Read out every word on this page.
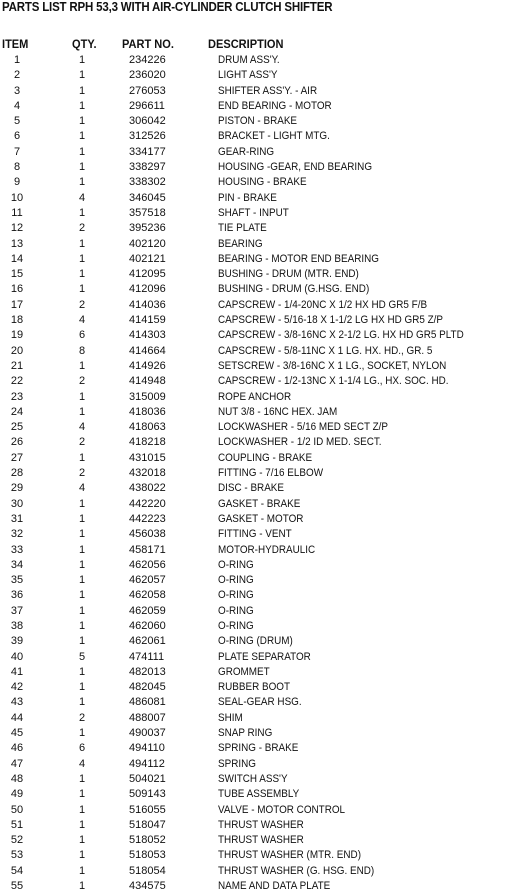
PARTS LIST RPH 53,3 WITH AIR-CYLINDER CLUTCH SHIFTER
ITEM	QTY. PART NO.	DESCRIPTION
1	1	234226	DRUM ASS'Y.
2	1	236020	LIGHT ASS'Y
3	1	276053	SHIFTER ASS'Y. - AIR
4	1	296611	END BEARING - MOTOR
5	1	306042	PISTON - BRAKE
6	1	312526	BRACKET - LIGHT MTG.
7	1	334177	GEAR-RING
8	1	338297	HOUSING -GEAR, END BEARING
9	1	338302	HOUSING - BRAKE
10	4	346045	PIN - BRAKE
11	1	357518	SHAFT - INPUT
12	2	395236	TIE PLATE
13	1	402120	BEARING
14	1	402121	BEARING - MOTOR END BEARING
15	1	412095	BUSHING - DRUM (MTR. END)
16	1	412096	BUSHING - DRUM (G.HSG. END)
17	2	414036	CAPSCREW - 1/4-20NC X 1/2 HX HD GR5 F/B
18	4	414159	CAPSCREW - 5/16-18 X 1-1/2 LG HX HD GR5 Z/P
19	6	414303	CAPSCREW - 3/8-16NC X 2-1/2 LG. HX HD GR5 PLTD
20	8	414664	CAPSCREW - 5/8-11NC X 1 LG. HX. HD., GR. 5
21	1	414926	SETSCREW - 3/8-16NC X 1 LG., SOCKET, NYLON
22	2	414948	CAPSCREW - 1/2-13NC X 1-1/4 LG., HX. SOC. HD.
23	1	315009	ROPE ANCHOR
24	1	418036	NUT 3/8 - 16NC HEX. JAM
25	4	418063	LOCKWASHER - 5/16 MED SECT Z/P
26	2	418218	LOCKWASHER - 1/2 ID MED. SECT.
27	1	431015	COUPLING - BRAKE
28	2	432018	FITTING - 7/16 ELBOW
29	4	438022	DISC - BRAKE
30	1	442220	GASKET - BRAKE
31	1	442223	GASKET - MOTOR
32	1	456038	FITTING - VENT
33	1	458171	MOTOR-HYDRAULIC
34	1	462056	O-RING
35	1	462057	O-RING
36	1	462058	O-RING
37	1	462059	O-RING
38	1	462060	O-RING
39	1	462061	O-RING (DRUM)
40	5	474111	PLATE SEPARATOR
41	1	482013	GROMMET
42	1	482045	RUBBER BOOT
43	1	486081	SEAL-GEAR HSG.
44	2	488007	SHIM
45	1	490037	SNAP RING
46	6	494110	SPRING - BRAKE
47	4	494112	SPRING
48	1	504021	SWITCH ASS'Y
49	1	509143	TUBE ASSEMBLY
50	1	516055	VALVE - MOTOR CONTROL
51	1	518047	THRUST WASHER
52	1	518052	THRUST WASHER
53	1	518053	THRUST WASHER (MTR. END)
54	1	518054	THRUST WASHER (G. HSG. END)
55	1	434575	NAME AND DATA PLATE
